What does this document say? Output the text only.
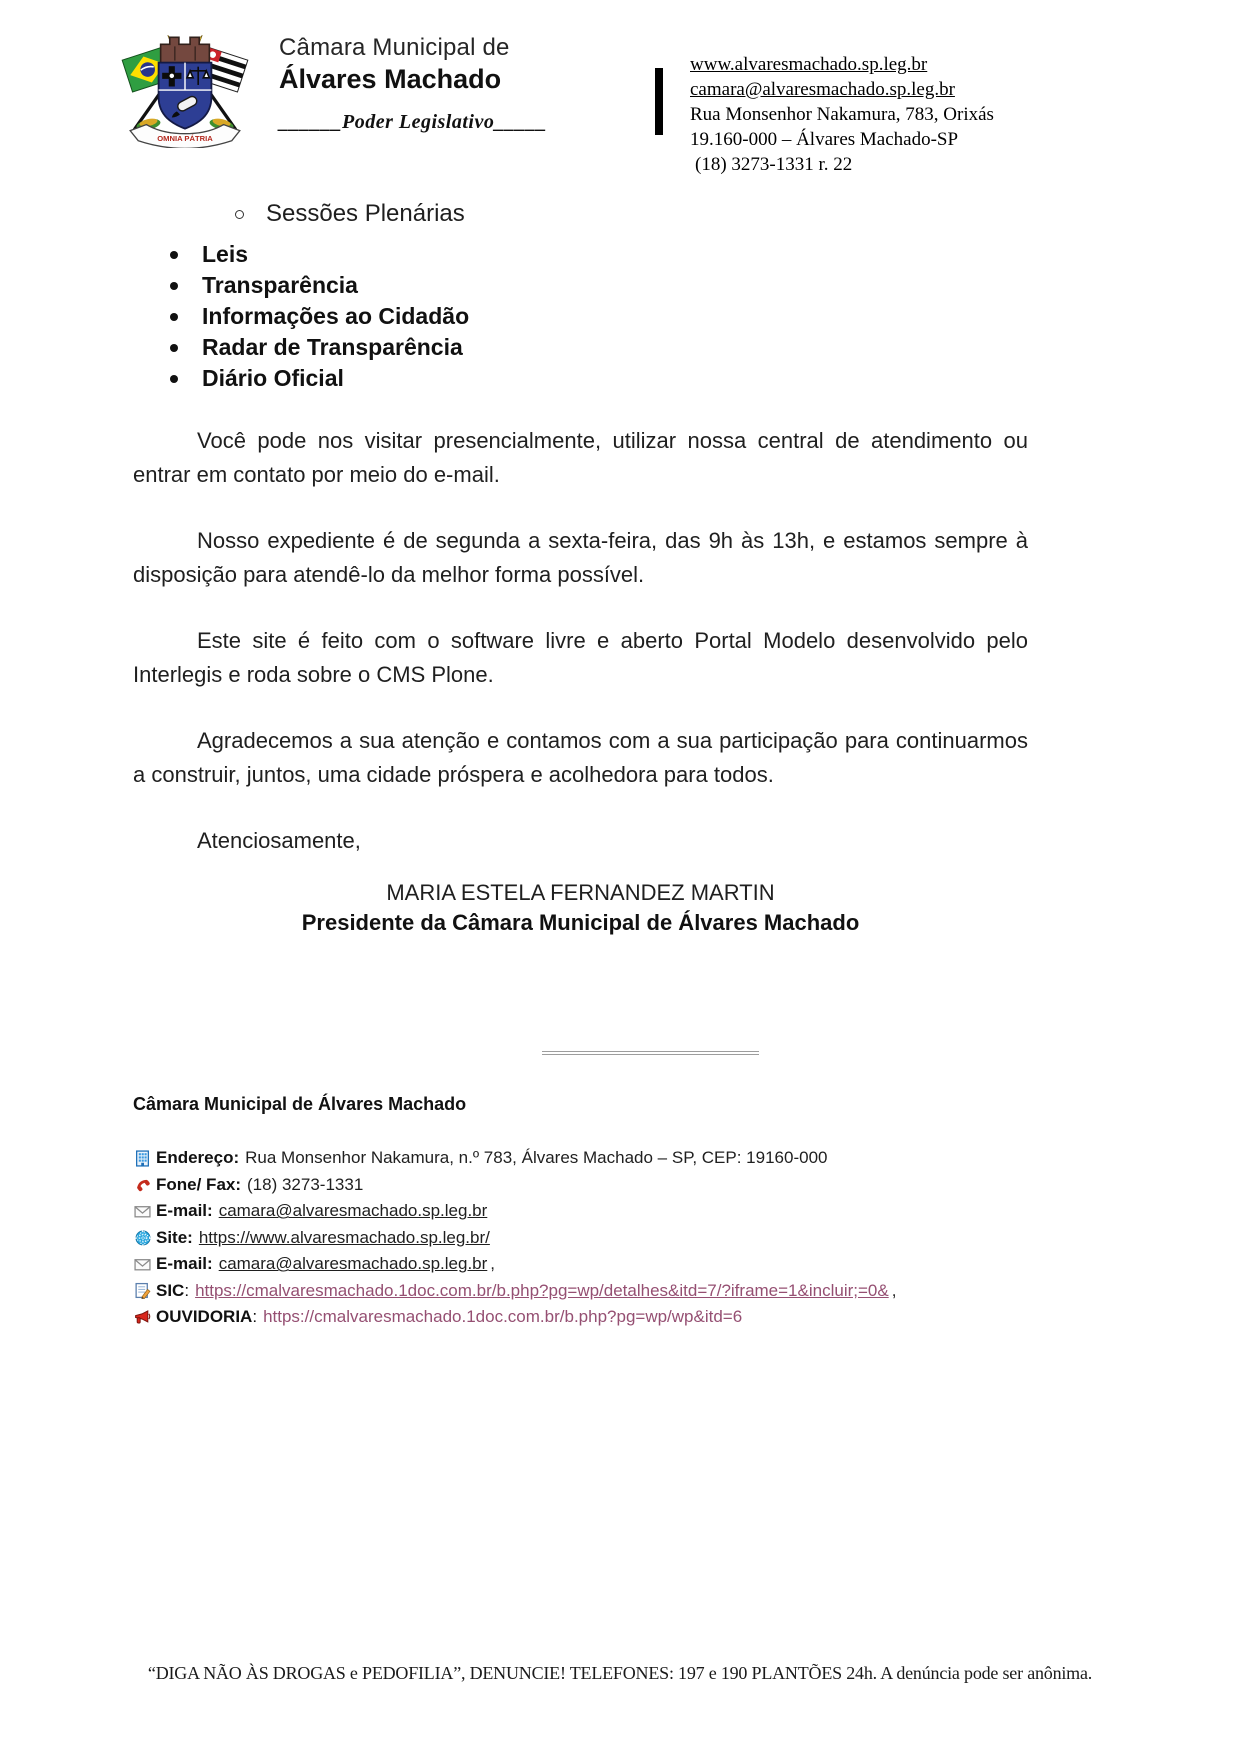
OMNIA PÁTRIA
Câmara Municipal de
Álvares Machado
______Poder Legislativo_____
www.alvaresmachado.sp.leg.br
camara@alvaresmachado.sp.leg.br
Rua Monsenhor Nakamura, 783, Orixás
19.160-000 – Álvares Machado-SP
(18) 3273-1331 r. 22
Sessões Plenárias
Leis
Transparência
Informações ao Cidadão
Radar de Transparência
Diário Oficial

Você pode nos visitar presencialmente, utilizar nossa central de atendimento ou entrar em contato por meio do e-mail.

Nosso expediente é de segunda a sexta-feira, das 9h às 13h, e estamos sempre à disposição para atendê-lo da melhor forma possível.

Este site é feito com o software livre e aberto Portal Modelo desenvolvido pelo Interlegis e roda sobre o CMS Plone.

Agradecemos a sua atenção e contamos com a sua participação para continuarmos a construir, juntos, uma cidade próspera e acolhedora para todos.

Atenciosamente,

MARIA ESTELA FERNANDEZ MARTIN
Presidente da Câmara Municipal de Álvares Machado
Câmara Municipal de Álvares Machado
Endereço: Rua Monsenhor Nakamura, n.º 783, Álvares Machado – SP, CEP: 19160-000
Fone/ Fax: (18) 3273-1331
E-mail: camara@alvaresmachado.sp.leg.br
Site: https://www.alvaresmachado.sp.leg.br/
E-mail: camara@alvaresmachado.sp.leg.br ,
SIC : https://cmalvaresmachado.1doc.com.br/b.php?pg=wp/detalhes&itd=7/?iframe=1&incluir;=0& ,
OUVIDORIA : https://cmalvaresmachado.1doc.com.br/b.php?pg=wp/wp&itd=6
“DIGA NÃO ÀS DROGAS e PEDOFILIA”, DENUNCIE! TELEFONES: 197 e 190 PLANTÕES 24h. A denúncia pode ser anônima.
